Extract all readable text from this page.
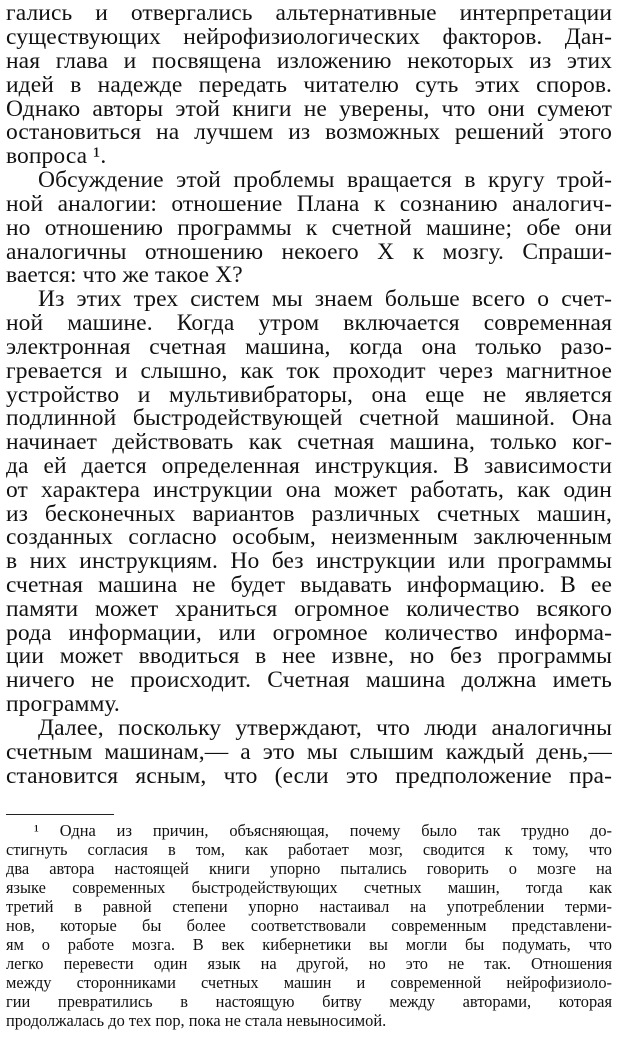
гались и отвергались альтернативные интерпретации
существующих нейрофизиологических факторов. Дан-
ная глава и посвящена изложению некоторых из этих
идей в надежде передать читателю суть этих споров.
Однако авторы этой книги не уверены, что они сумеют
остановиться на лучшем из возможных решений этого
вопроса ¹.
Обсуждение этой проблемы вращается в кругу трой-
ной аналогии: отношение Плана к сознанию аналогич-
но отношению программы к счетной машине; обе они
аналогичны отношению некоего X к мозгу. Спраши-
вается: что же такое X?
Из этих трех систем мы знаем больше всего о счет-
ной машине. Когда утром включается современная
электронная счетная машина, когда она только разо-
гревается и слышно, как ток проходит через магнитное
устройство и мультивибраторы, она еще не является
подлинной быстродействующей счетной машиной. Она
начинает действовать как счетная машина, только ког-
да ей дается определенная инструкция. В зависимости
от характера инструкции она может работать, как один
из бесконечных вариантов различных счетных машин,
созданных согласно особым, неизменным заключенным
в них инструкциям. Но без инструкции или программы
счетная машина не будет выдавать информацию. В ее
памяти может храниться огромное количество всякого
рода информации, или огромное количество информа-
ции может вводиться в нее извне, но без программы
ничего не происходит. Счетная машина должна иметь
программу.
Далее, поскольку утверждают, что люди аналогичны
счетным машинам,— а это мы слышим каждый день,—
становится ясным, что (если это предположение пра-
¹ Одна из причин, объясняющая, почему было так трудно до-
стигнуть согласия в том, как работает мозг, сводится к тому, что
два автора настоящей книги упорно пытались говорить о мозге на
языке современных быстродействующих счетных машин, тогда как
третий в равной степени упорно настаивал на употреблении терми-
нов, которые бы более соответствовали современным представлени-
ям о работе мозга. В век кибернетики вы могли бы подумать, что
легко перевести один язык на другой, но это не так. Отношения
между сторонниками счетных машин и современной нейрофизиоло-
гии превратились в настоящую битву между авторами, которая
продолжалась до тех пор, пока не стала невыносимой.
